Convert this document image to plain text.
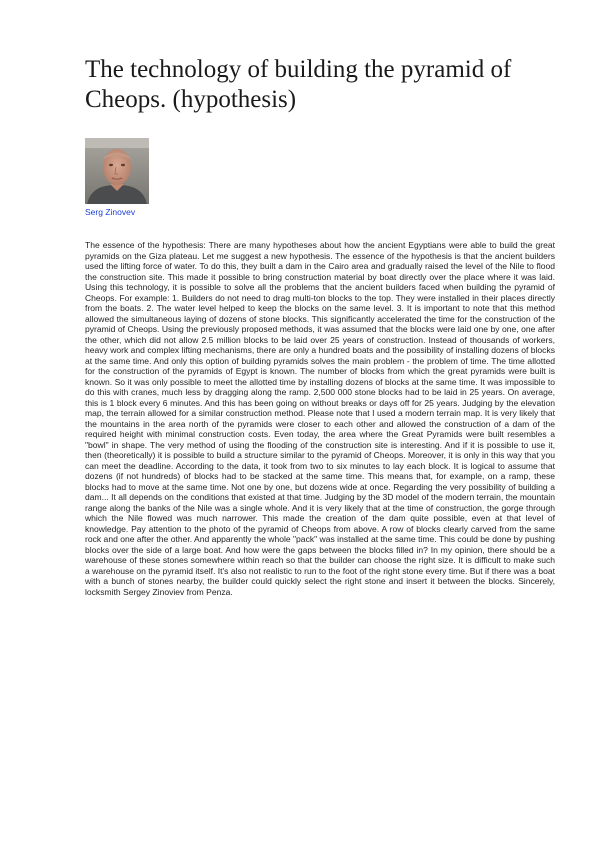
The technology of building the pyramid of Cheops. (hypothesis)
Serg Zinovev

The essence of the hypothesis: There are many hypotheses about how the ancient Egyptians were able to build the great pyramids on the Giza plateau. Let me suggest a new hypothesis. The essence of the hypothesis is that the ancient builders used the lifting force of water. To do this, they built a dam in the Cairo area and gradually raised the level of the Nile to flood the construction site. This made it possible to bring construction material by boat directly over the place where it was laid. Using this technology, it is possible to solve all the problems that the ancient builders faced when building the pyramid of Cheops. For example: 1. Builders do not need to drag multi-ton blocks to the top. They were installed in their places directly from the boats. 2. The water level helped to keep the blocks on the same level. 3. It is important to note that this method allowed the simultaneous laying of dozens of stone blocks. This significantly accelerated the time for the construction of the pyramid of Cheops. Using the previously proposed methods, it was assumed that the blocks were laid one by one, one after the other, which did not allow 2.5 million blocks to be laid over 25 years of construction. Instead of thousands of workers, heavy work and complex lifting mechanisms, there are only a hundred boats and the possibility of installing dozens of blocks at the same time. And only this option of building pyramids solves the main problem - the problem of time. The time allotted for the construction of the pyramids of Egypt is known. The number of blocks from which the great pyramids were built is known. So it was only possible to meet the allotted time by installing dozens of blocks at the same time. It was impossible to do this with cranes, much less by dragging along the ramp. 2,500 000 stone blocks had to be laid in 25 years. On average, this is 1 block every 6 minutes. And this has been going on without breaks or days off for 25 years. Judging by the elevation map, the terrain allowed for a similar construction method. Please note that I used a modern terrain map. It is very likely that the mountains in the area north of the pyramids were closer to each other and allowed the construction of a dam of the required height with minimal construction costs. Even today, the area where the Great Pyramids were built resembles a "bowl" in shape. The very method of using the flooding of the construction site is interesting. And if it is possible to use it, then (theoretically) it is possible to build a structure similar to the pyramid of Cheops. Moreover, it is only in this way that you can meet the deadline. According to the data, it took from two to six minutes to lay each block. It is logical to assume that dozens (if not hundreds) of blocks had to be stacked at the same time. This means that, for example, on a ramp, these blocks had to move at the same time. Not one by one, but dozens wide at once. Regarding the very possibility of building a dam... It all depends on the conditions that existed at that time. Judging by the 3D model of the modern terrain, the mountain range along the banks of the Nile was a single whole. And it is very likely that at the time of construction, the gorge through which the Nile flowed was much narrower. This made the creation of the dam quite possible, even at that level of knowledge. Pay attention to the photo of the pyramid of Cheops from above. A row of blocks clearly carved from the same rock and one after the other. And apparently the whole "pack" was installed at the same time. This could be done by pushing blocks over the side of a large boat. And how were the gaps between the blocks filled in? In my opinion, there should be a warehouse of these stones somewhere within reach so that the builder can choose the right size. It is difficult to make such a warehouse on the pyramid itself. It's also not realistic to run to the foot of the right stone every time. But if there was a boat with a bunch of stones nearby, the builder could quickly select the right stone and insert it between the blocks. Sincerely, locksmith Sergey Zinoviev from Penza.
